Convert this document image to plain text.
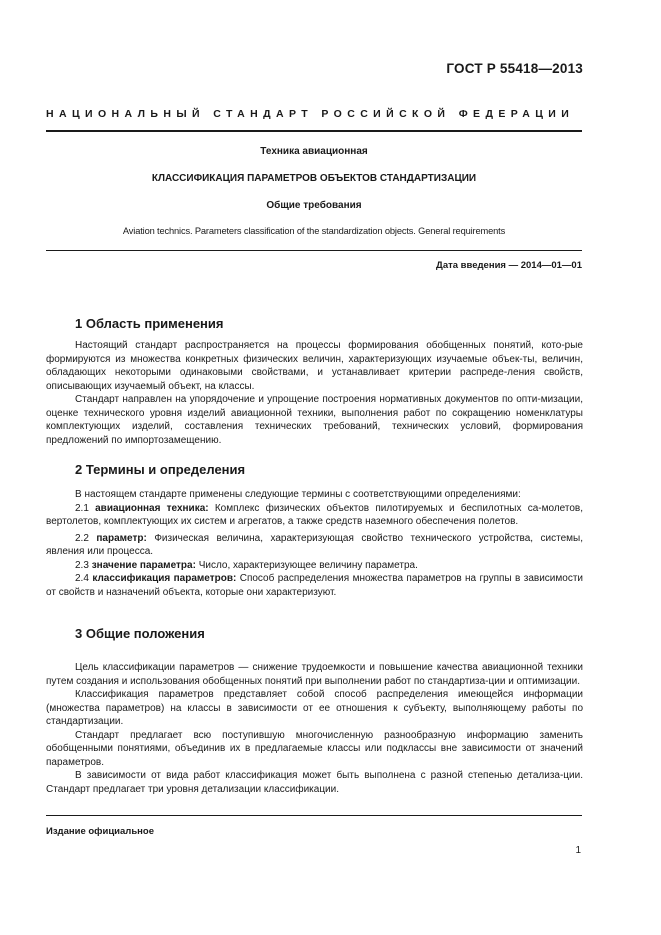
ГОСТ Р 55418—2013
НАЦИОНАЛЬНЫЙ СТАНДАРТ РОССИЙСКОЙ ФЕДЕРАЦИИ
Техника авиационная
КЛАССИФИКАЦИЯ ПАРАМЕТРОВ ОБЪЕКТОВ СТАНДАРТИЗАЦИИ
Общие требования
Aviation technics. Parameters classification of the standardization objects. General requirements
Дата введения — 2014—01—01
1 Область применения

Настоящий стандарт распространяется на процессы формирования обобщенных понятий, кото-рые формируются из множества конкретных физических величин, характеризующих изучаемые объек-ты, величин, обладающих некоторыми одинаковыми свойствами, и устанавливает критерии распреде-ления свойств, описывающих изучаемый объект, на классы.

Стандарт направлен на упорядочение и упрощение построения нормативных документов по опти-мизации, оценке технического уровня изделий авиационной техники, выполнения работ по сокращению номенклатуры комплектующих изделий, составления технических требований, технических условий, формирования предложений по импортозамещению.

2 Термины и определения

В настоящем стандарте применены следующие термины с соответствующими определениями:

2.1 авиационная техника: Комплекс физических объектов пилотируемых и беспилотных са-молетов, вертолетов, комплектующих их систем и агрегатов, а также средств наземного обеспечения полетов.

2.2 параметр: Физическая величина, характеризующая свойство технического устройства, системы, явления или процесса.

2.3 значение параметра: Число, характеризующее величину параметра.

2.4 классификация параметров: Способ распределения множества параметров на группы в зависимости от свойств и назначений объекта, которые они характеризуют.

3 Общие положения

Цель классификации параметров — снижение трудоемкости и повышение качества авиационной техники путем создания и использования обобщенных понятий при выполнении работ по стандартиза-ции и оптимизации.

Классификация параметров представляет собой способ распределения имеющейся информации (множества параметров) на классы в зависимости от ее отношения к субъекту, выполняющему работы по стандартизации.

Стандарт предлагает всю поступившую многочисленную разнообразную информацию заменить обобщенными понятиями, объединив их в предлагаемые классы или подклассы вне зависимости от значений параметров.

В зависимости от вида работ классификация может быть выполнена с разной степенью детализа-ции. Стандарт предлагает три уровня детализации классификации.

Издание официальное
1
